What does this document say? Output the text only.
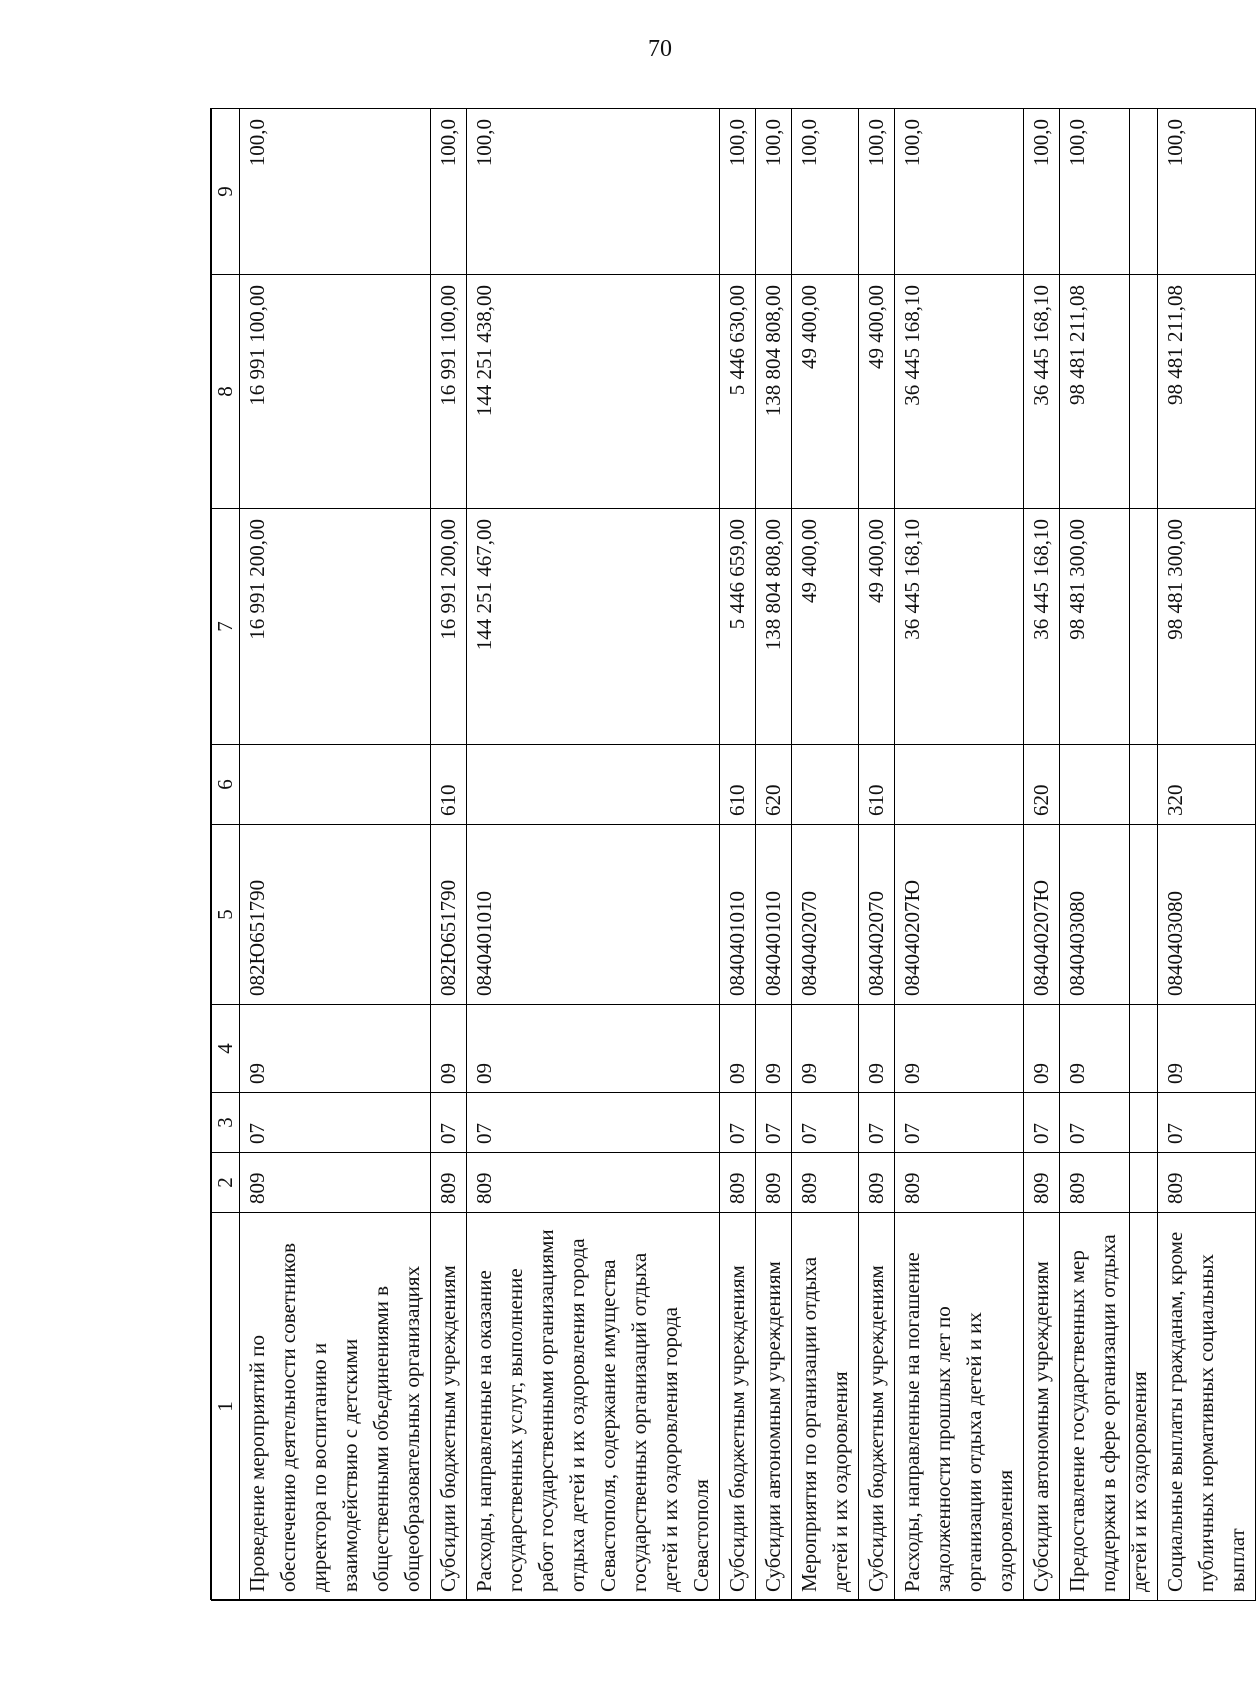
70
1	2	3	4	5	6	7	8	9
Проведение мероприятий по обеспечению деятельности советников директора по воспитанию и взаимодействию с детскими общественными объединениями в общеобразовательных организациях	809	07	09	082Ю651790		16 991 200,00	16 991 100,00	100,0
Субсидии бюджетным учреждениям	809	07	09	082Ю651790	610	16 991 200,00	16 991 100,00	100,0
Расходы, направленные на оказание государственных услуг, выполнение работ государственными организациями отдыха детей и их оздоровления города Севастополя, содержание имущества государственных организаций отдыха детей и их оздоровления города Севастополя	809	07	09	0840401010		144 251 467,00	144 251 438,00	100,0
Субсидии бюджетным учреждениям	809	07	09	0840401010	610	5 446 659,00	5 446 630,00	100,0
Субсидии автономным учреждениям	809	07	09	0840401010	620	138 804 808,00	138 804 808,00	100,0
Мероприятия по организации отдыха детей и их оздоровления	809	07	09	0840402070		49 400,00	49 400,00	100,0
Субсидии бюджетным учреждениям	809	07	09	0840402070	610	49 400,00	49 400,00	100,0
Расходы, направленные на погашение задолженности прошлых лет по организации отдыха детей и их оздоровления	809	07	09	084040207Ю		36 445 168,10	36 445 168,10	100,0
Субсидии автономным учреждениям	809	07	09	084040207Ю	620	36 445 168,10	36 445 168,10	100,0
Предоставление государственных мер поддержки в сфере организации отдыха детей и их оздоровления	809	07	09	0840403080		98 481 300,00	98 481 211,08	100,0
Социальные выплаты гражданам, кроме публичных нормативных социальных выплат	809	07	09	0840403080	320	98 481 300,00	98 481 211,08	100,0
